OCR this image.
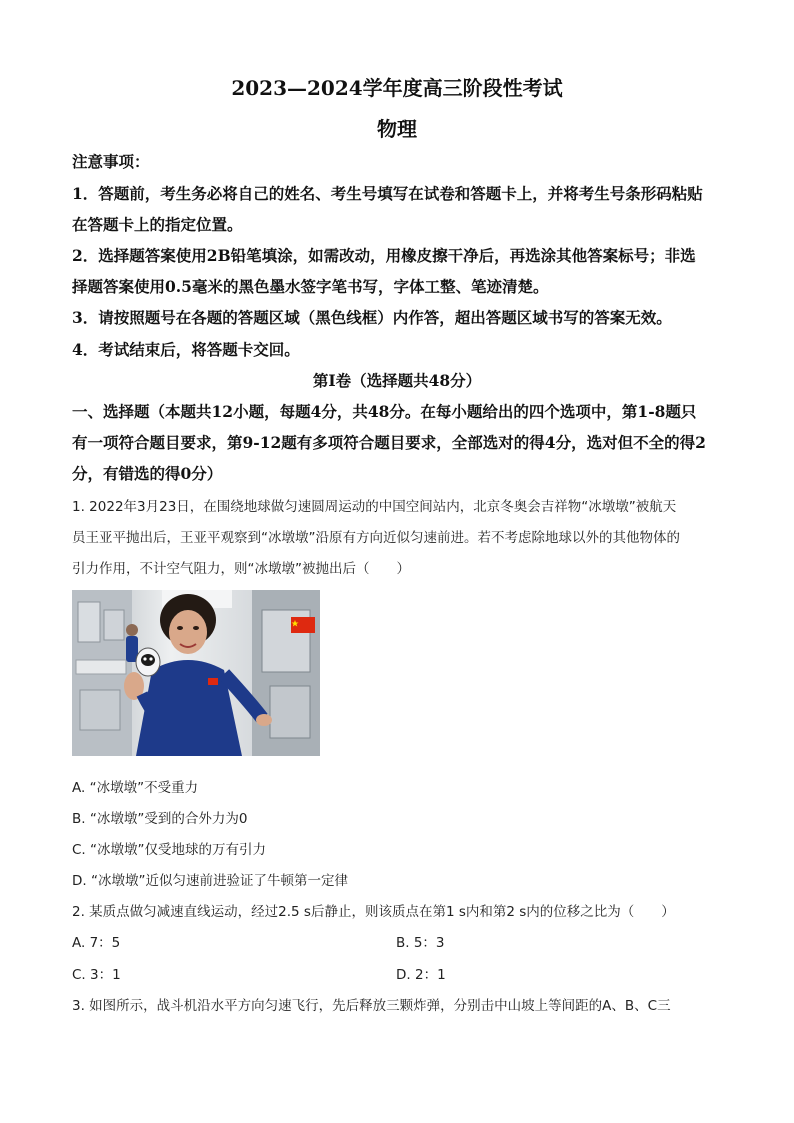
2023—2024学年度高三阶段性考试
物理
注意事项：
1．答题前，考生务必将自己的姓名、考生号填写在试卷和答题卡上，并将考生号条形码粘贴
在答题卡上的指定位置。
2．选择题答案使用2B铅笔填涂，如需改动，用橡皮擦干净后，再选涂其他答案标号；非选
择题答案使用0.5毫米的黑色墨水签字笔书写，字体工整、笔迹清楚。
3．请按照题号在各题的答题区域（黑色线框）内作答，超出答题区域书写的答案无效。
4．考试结束后，将答题卡交回。
第Ⅰ卷（选择题共48分）
一、选择题（本题共12小题，每题4分，共48分。在每小题给出的四个选项中，第1-8题只
有一项符合题目要求，第9-12题有多项符合题目要求，全部选对的得4分，选对但不全的得2
分，有错选的得0分）
1. 2022年3月23日，在围绕地球做匀速圆周运动的中国空间站内，北京冬奥会吉祥物“冰墩墩”被航天
员王亚平抛出后，王亚平观察到“冰墩墩”沿原有方向近似匀速前进。若不考虑除地球以外的其他物体的
引力作用，不计空气阻力，则“冰墩墩”被抛出后（　　）
A. “冰墩墩”不受重力
B. “冰墩墩”受到的合外力为0
C. “冰墩墩”仅受地球的万有引力
D. “冰墩墩”近似匀速前进验证了牛顿第一定律
2. 某质点做匀减速直线运动，经过2.5 s后静止，则该质点在第1 s内和第2 s内的位移之比为（　　）
A. 7：5	B. 5：3
C. 3：1	D. 2：1
3. 如图所示，战斗机沿水平方向匀速飞行，先后释放三颗炸弹，分别击中山坡上等间距的A、B、C三
